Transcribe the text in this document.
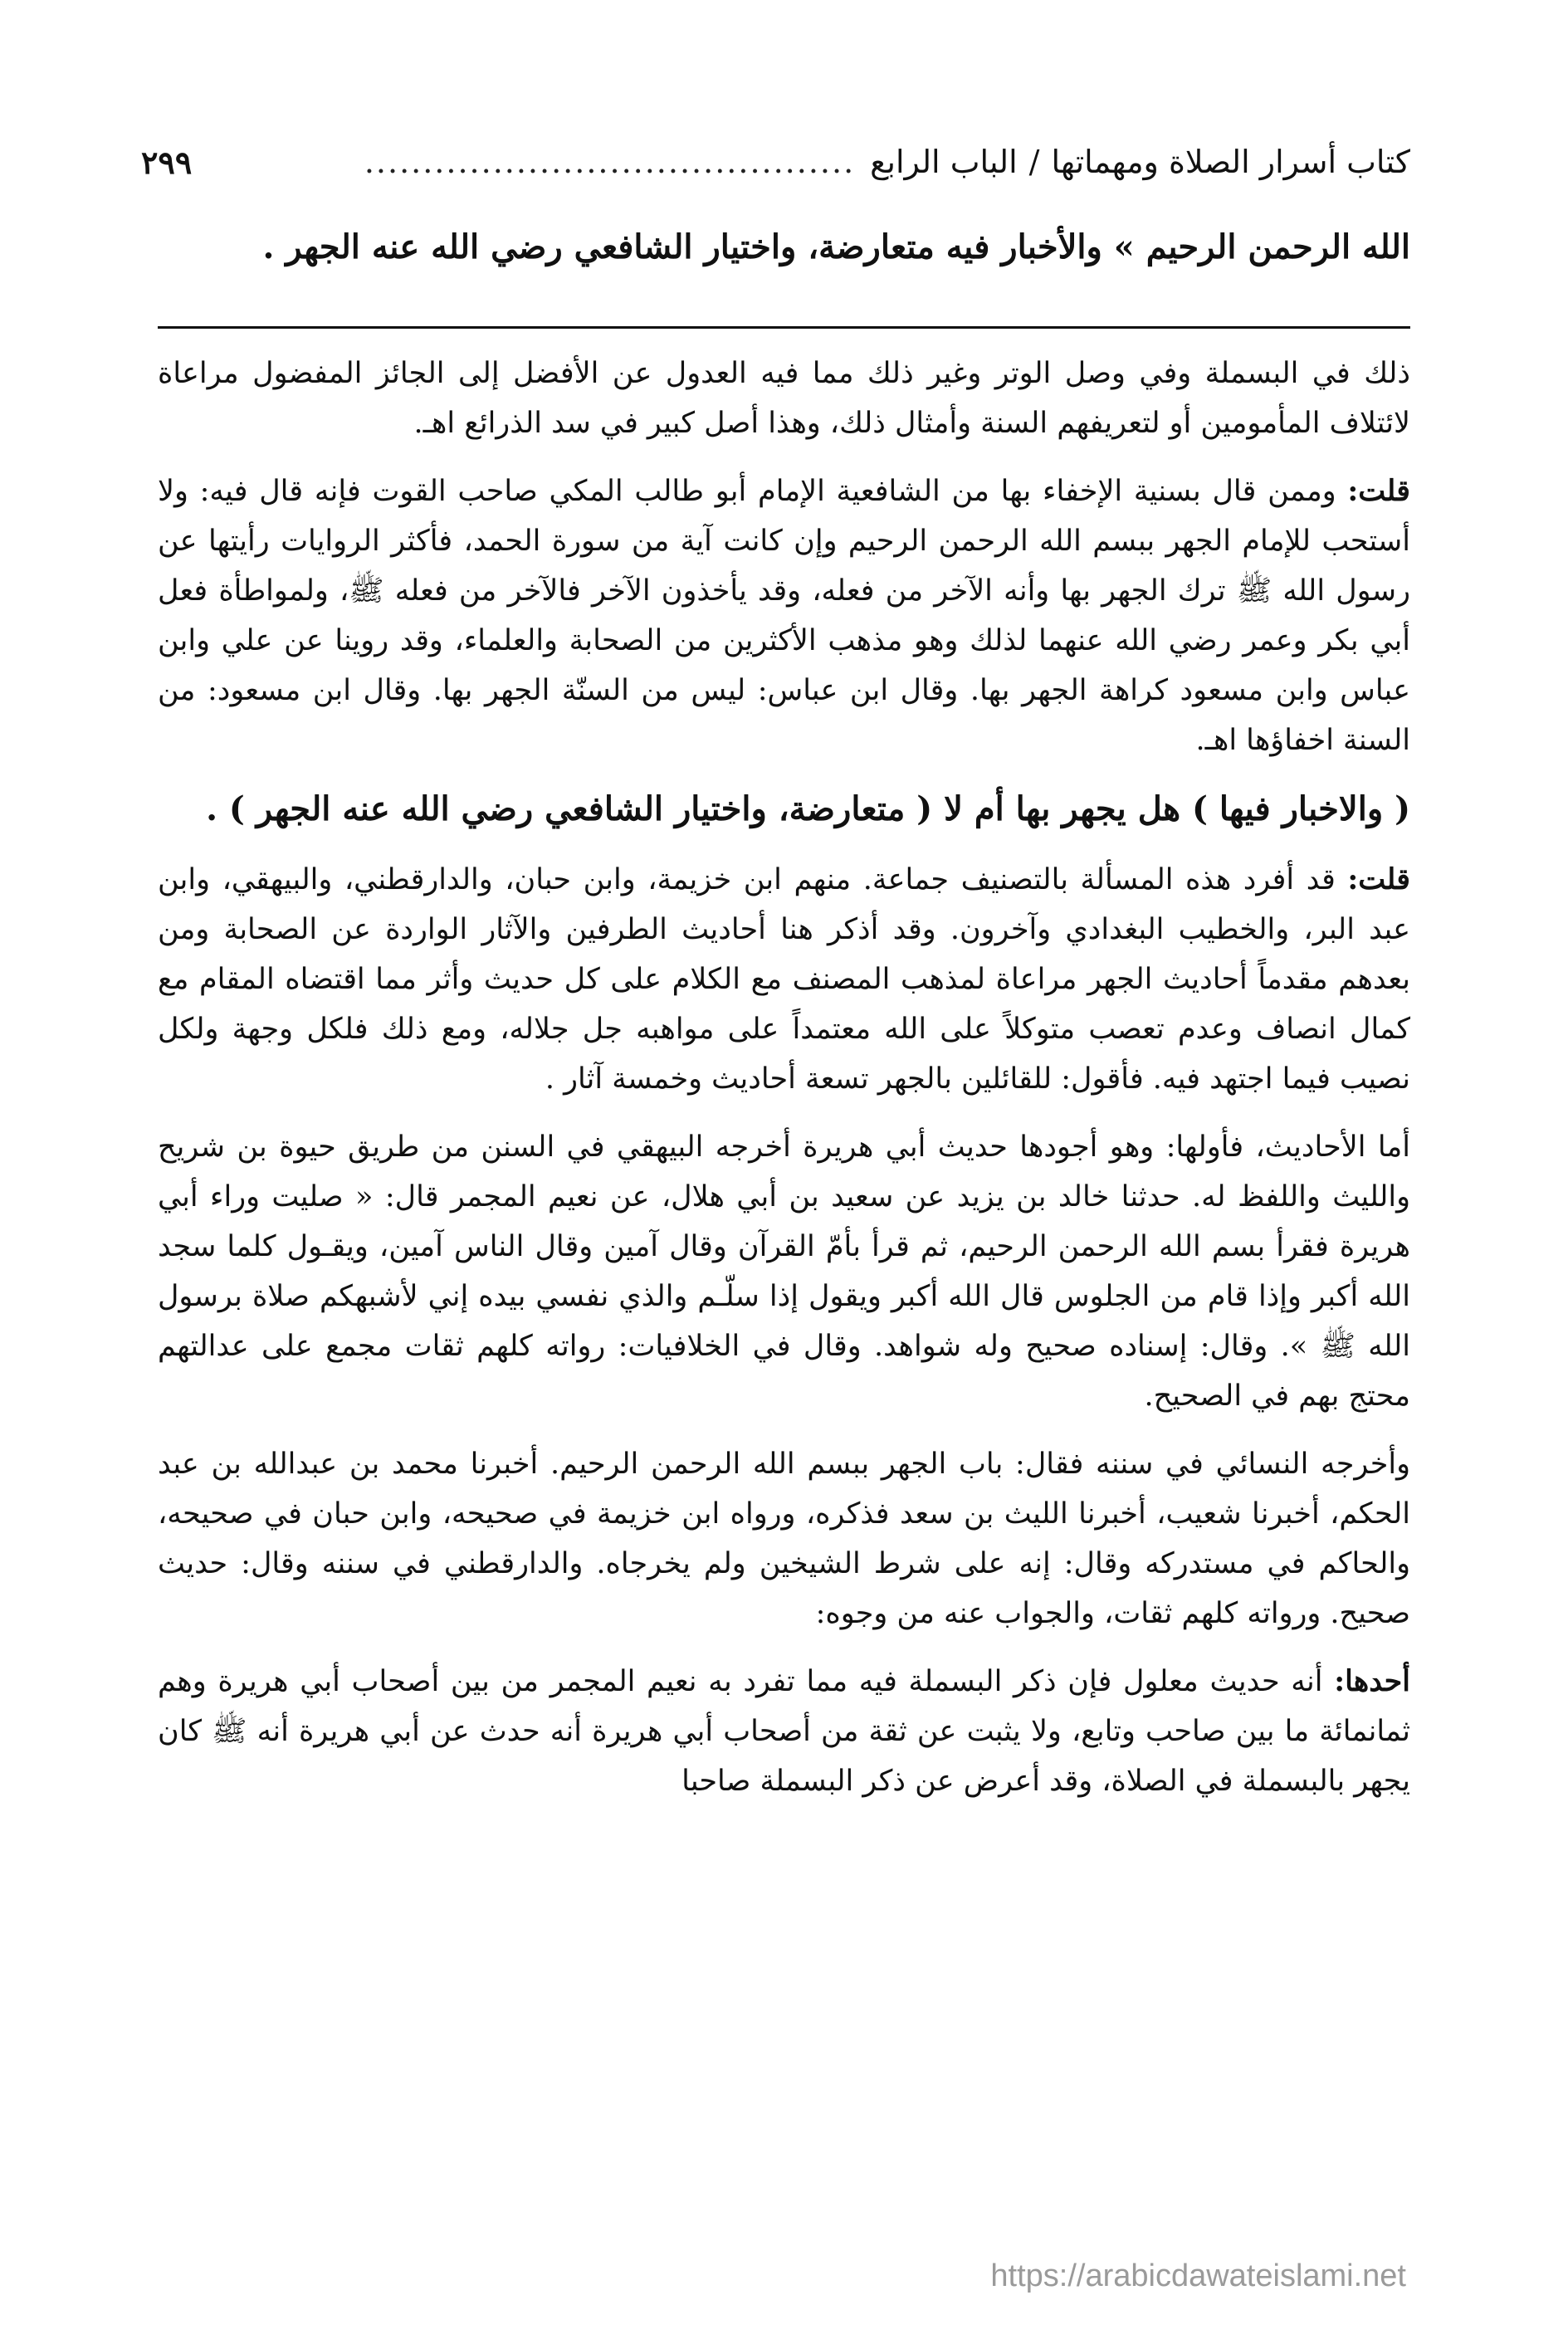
كتاب أسرار الصلاة ومهماتها
/
الباب الرابع
..........................................
٢٩٩
الله الرحمن الرحيم » والأخبار فيه متعارضة، واختيار الشافعي رضي الله عنه الجهر .

ذلك في البسملة وفي وصل الوتر وغير ذلك مما فيه العدول عن الأفضل إلى الجائز المفضول مراعاة لائتلاف المأمومين أو لتعريفهم السنة وأمثال ذلك، وهذا أصل كبير في سد الذرائع اهـ.

قلت: وممن قال بسنية الإخفاء بها من الشافعية الإمام أبو طالب المكي صاحب القوت فإنه قال فيه: ولا أستحب للإمام الجهر ببسم الله الرحمن الرحيم وإن كانت آية من سورة الحمد، فأكثر الروايات رأيتها عن رسول الله ﷺ ترك الجهر بها وأنه الآخر من فعله، وقد يأخذون الآخر فالآخر من فعله ﷺ، ولمواطأة فعل أبي بكر وعمر رضي الله عنهما لذلك وهو مذهب الأكثرين من الصحابة والعلماء، وقد روينا عن علي وابن عباس وابن مسعود كراهة الجهر بها. وقال ابن عباس: ليس من السنّة الجهر بها. وقال ابن مسعود: من السنة اخفاؤها اهـ.

( والاخبار فيها ) هل يجهر بها أم لا ( متعارضة، واختيار الشافعي رضي الله عنه الجهر ) .

قلت: قد أفرد هذه المسألة بالتصنيف جماعة. منهم ابن خزيمة، وابن حبان، والدارقطني، والبيهقي، وابن عبد البر، والخطيب البغدادي وآخرون. وقد أذكر هنا أحاديث الطرفين والآثار الواردة عن الصحابة ومن بعدهم مقدماً أحاديث الجهر مراعاة لمذهب المصنف مع الكلام على كل حديث وأثر مما اقتضاه المقام مع كمال انصاف وعدم تعصب متوكلاً على الله معتمداً على مواهبه جل جلاله، ومع ذلك فلكل وجهة ولكل نصيب فيما اجتهد فيه. فأقول: للقائلين بالجهر تسعة أحاديث وخمسة آثار .

أما الأحاديث، فأولها: وهو أجودها حديث أبي هريرة أخرجه البيهقي في السنن من طريق حيوة بن شريح والليث واللفظ له. حدثنا خالد بن يزيد عن سعيد بن أبي هلال، عن نعيم المجمر قال: « صليت وراء أبي هريرة فقرأ بسم الله الرحمن الرحيم، ثم قرأ بأمّ القرآن وقال آمين وقال الناس آمين، ويقـول كلما سجد الله أكبر وإذا قام من الجلوس قال الله أكبر ويقول إذا سلّـم والذي نفسي بيده إني لأشبهكم صلاة برسول الله ﷺ ». وقال: إسناده صحيح وله شواهد. وقال في الخلافيات: رواته كلهم ثقات مجمع على عدالتهم محتج بهم في الصحيح.

وأخرجه النسائي في سننه فقال: باب الجهر ببسم الله الرحمن الرحيم. أخبرنا محمد بن عبدالله بن عبد الحكم، أخبرنا شعيب، أخبرنا الليث بن سعد فذكره، ورواه ابن خزيمة في صحيحه، وابن حبان في صحيحه، والحاكم في مستدركه وقال: إنه على شرط الشيخين ولم يخرجاه. والدارقطني في سننه وقال: حديث صحيح. ورواته كلهم ثقات، والجواب عنه من وجوه:

أحدها: أنه حديث معلول فإن ذكر البسملة فيه مما تفرد به نعيم المجمر من بين أصحاب أبي هريرة وهم ثمانمائة ما بين صاحب وتابع، ولا يثبت عن ثقة من أصحاب أبي هريرة أنه حدث عن أبي هريرة أنه ﷺ كان يجهر بالبسملة في الصلاة، وقد أعرض عن ذكر البسملة صاحبا

https://arabicdawateislami.net
